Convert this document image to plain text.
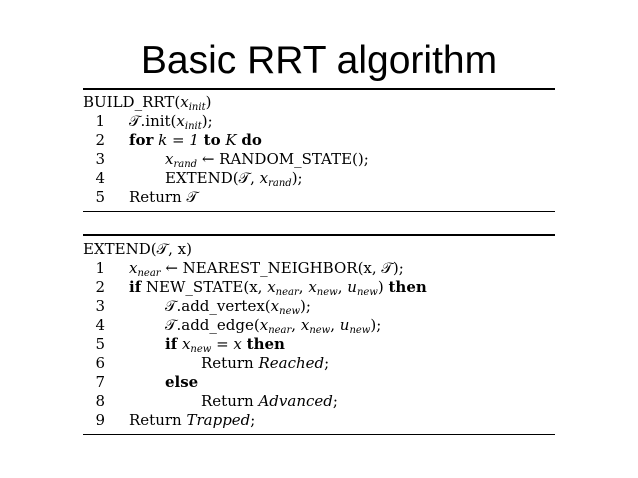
Basic RRT algorithm
$BUILD\_RRT(x_{init})$
1 $𝒯.init(x_{init})$;
2 for k = 1 to K do
3	$x_{rand}$ ← RANDOM_STATE();
4	EXTEND(𝒯, $x_{rand}$);
5 Return 𝒯
EXTEND(𝒯, x)
1 $x_{near}$ ← NEAREST_NEIGHBOR(x, 𝒯);
2 if NEW_STATE(x, $x_{near}$, $x_{new}$, $u_{new}$) then
3	$𝒯.add\_vertex(x_{new})$;
4	$𝒯.add\_edge(x_{near}$, $x_{new}$, $u_{new}$);
5	if $x_{new} = x$ then
6	Return Reached;
7	else
8	Return Advanced;
9 Return Trapped;
